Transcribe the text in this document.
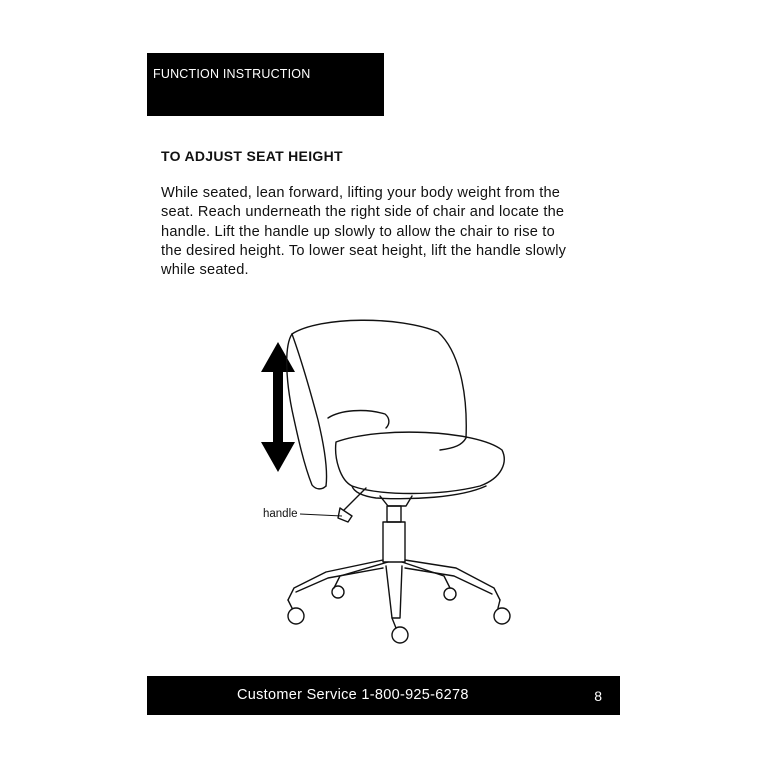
FUNCTION INSTRUCTION
TO ADJUST SEAT HEIGHT
While seated, lean forward, lifting your body weight from the
seat. Reach underneath the right side of chair and locate the
handle. Lift the handle up slowly to allow the chair to rise to
the desired height. To lower seat height, lift the handle slowly
while seated.
handle
Customer Service 1-800-925-6278	8
